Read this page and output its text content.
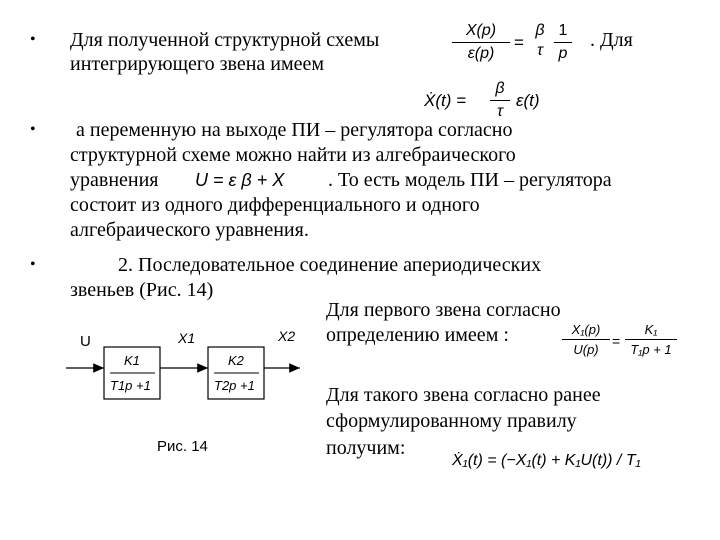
• Для полученной структурной схемы	. Для
интегрирующего звена имеем
X(p)
ε(p)
=
β
τ
1
p
Ẋ(t) =
β
τ
ε(t)
• а переменную на выходе ПИ – регулятора согласно
структурной схеме можно найти из алгебраического
уравнения U = ε β + X . То есть модель ПИ – регулятора
состоит из одного дифференциального и одного
алгебраического уравнения.
•	2. Последовательное соединение апериодических
звеньев (Рис. 14)
Для первого звена согласно
определению имеем :	X₁(p)
U(p)
=
K₁
T₁p + 1
Для такого звена согласно ранее
сформулированному правилу
получим:
Ẋ₁(t) = (−X₁(t) + K₁U(t)) / T₁
U	X1	X2
K1
T1p +1
K2
T2p +1
Рис. 14
